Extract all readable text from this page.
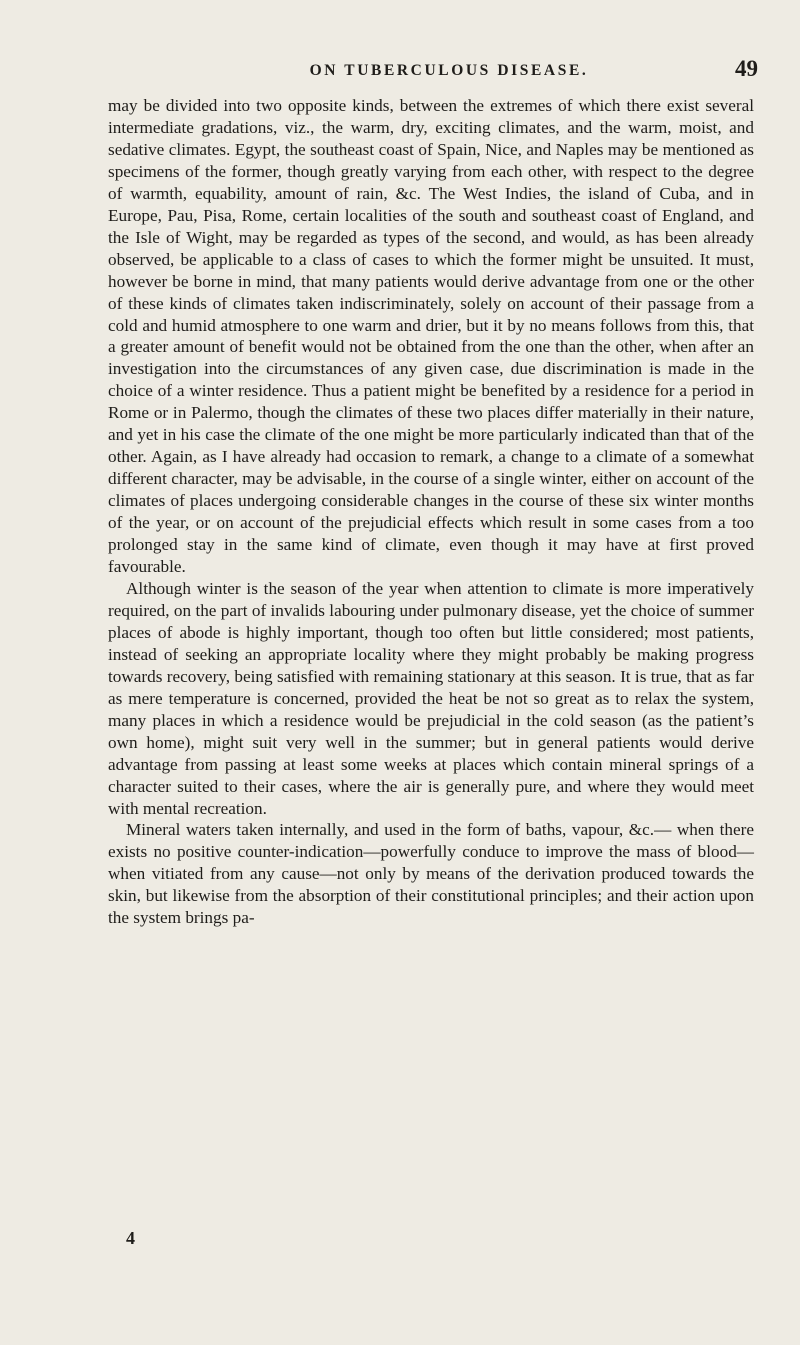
ON TUBERCULOUS DISEASE.	49

may be divided into two opposite kinds, between the extremes of which there exist several intermediate gradations, viz., the warm, dry, exciting climates, and the warm, moist, and sedative climates. Egypt, the southeast coast of Spain, Nice, and Naples may be mentioned as specimens of the former, though greatly varying from each other, with respect to the degree of warmth, equability, amount of rain, &c. The West Indies, the island of Cuba, and in Europe, Pau, Pisa, Rome, certain localities of the south and southeast coast of England, and the Isle of Wight, may be regarded as types of the second, and would, as has been already observed, be applicable to a class of cases to which the former might be unsuited. It must, however be borne in mind, that many patients would derive advantage from one or the other of these kinds of climates taken indiscriminately, solely on account of their passage from a cold and humid atmosphere to one warm and drier, but it by no means follows from this, that a greater amount of benefit would not be obtained from the one than the other, when after an investigation into the circumstances of any given case, due discrimination is made in the choice of a winter residence. Thus a patient might be benefited by a residence for a period in Rome or in Palermo, though the climates of these two places differ materially in their nature, and yet in his case the climate of the one might be more particularly indicated than that of the other. Again, as I have already had occasion to remark, a change to a climate of a somewhat different character, may be advisable, in the course of a single winter, either on account of the climates of places undergoing considerable changes in the course of these six winter months of the year, or on account of the prejudicial effects which result in some cases from a too prolonged stay in the same kind of climate, even though it may have at first proved favourable.

Although winter is the season of the year when attention to climate is more imperatively required, on the part of invalids labouring under pulmonary disease, yet the choice of summer places of abode is highly important, though too often but little considered; most patients, instead of seeking an appropriate locality where they might probably be making progress towards recovery, being satisfied with remaining stationary at this season. It is true, that as far as mere temperature is concerned, provided the heat be not so great as to relax the system, many places in which a residence would be prejudicial in the cold season (as the patient’s own home), might suit very well in the summer; but in general patients would derive advantage from passing at least some weeks at places which contain mineral springs of a character suited to their cases, where the air is generally pure, and where they would meet with mental recreation.

Mineral waters taken internally, and used in the form of baths, vapour, &c.— when there exists no positive counter-indication—powerfully conduce to improve the mass of blood—when vitiated from any cause—not only by means of the derivation produced towards the skin, but likewise from the absorption of their constitutional principles; and their action upon the system brings pa-

4
